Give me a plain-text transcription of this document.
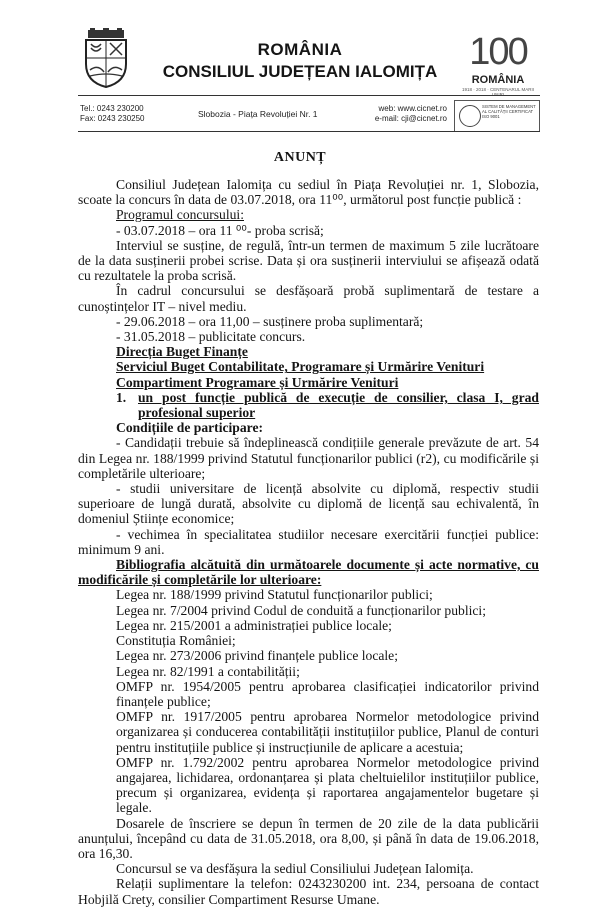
ROMÂNIA
CONSILIUL JUDEȚEAN IALOMIȚA 100
ROMÂNIA
1918 · 2018 · CENTENARUL MARII UNIRI
Tel.: 0243 230200
Fax: 0243 230250	Slobozia - Piața Revoluției Nr. 1
web: www.cicnet.ro
e-mail: cji@cicnet.ro
SISTEM DE MANAGEMENT AL CALITĂȚII CERTIFICAT ISO 9001
ANUNȚ

Consiliul Județean Ialomița cu sediul în Piața Revoluției nr. 1, Slobozia, scoate la concurs în data de 03.07.2018, ora 11⁰⁰, următorul post funcție publică :

Programul concursului:

- 03.07.2018 – ora 11 ⁰⁰- proba scrisă;

Interviul se susține, de regulă, într-un termen de maximum 5 zile lucrătoare de la data susținerii probei scrise. Data și ora susținerii interviului se afișează odată cu rezultatele la proba scrisă.

În cadrul concursului se desfășoară probă suplimentară de testare a cunoștințelor IT – nivel mediu.

- 29.06.2018 – ora 11,00 – susținere proba suplimentară;

- 31.05.2018 – publicitate concurs.

Direcția Buget Finanțe

Serviciul Buget Contabilitate, Programare și Urmărire Venituri

Compartiment Programare și Urmărire Venituri

1. un post funcție publică de execuție de consilier, clasa I, grad profesional superior

Condițiile de participare:

- Candidații trebuie să îndeplinească condițiile generale prevăzute de art. 54 din Legea nr. 188/1999 privind Statutul funcționarilor publici (r2), cu modificările și completările ulterioare;

- studii universitare de licență absolvite cu diplomă, respectiv studii superioare de lungă durată, absolvite cu diplomă de licență sau echivalentă, în domeniul Științe economice;

- vechimea în specialitatea studiilor necesare exercitării funcției publice: minimum 9 ani.

Bibliografia alcătuită din următoarele documente și acte normative, cu modificările și completările lor ulterioare:

Legea nr. 188/1999 privind Statutul funcționarilor publici;

Legea nr. 7/2004 privind Codul de conduită a funcționarilor publici;

Legea nr. 215/2001 a administrației publice locale;

Constituția României;

Legea nr. 273/2006 privind finanțele publice locale;

Legea nr. 82/1991 a contabilității;

OMFP nr. 1954/2005 pentru aprobarea clasificației indicatorilor privind finanțele publice;

OMFP nr. 1917/2005 pentru aprobarea Normelor metodologice privind organizarea și conducerea contabilității instituțiilor publice, Planul de conturi pentru instituțiile publice și instrucțiunile de aplicare a acestuia;

OMFP nr. 1.792/2002 pentru aprobarea Normelor metodologice privind angajarea, lichidarea, ordonanțarea și plata cheltuielilor instituțiilor publice, precum și organizarea, evidența și raportarea angajamentelor bugetare și legale.

Dosarele de înscriere se depun în termen de 20 zile de la data publicării anunțului, începând cu data de 31.05.2018, ora 8,00, și până în data de 19.06.2018, ora 16,30.

Concursul se va desfășura la sediul Consiliului Județean Ialomița.

Relații suplimentare la telefon: 0243230200 int. 234, persoana de contact Hobjilă Crety, consilier Compartiment Resurse Umane.
